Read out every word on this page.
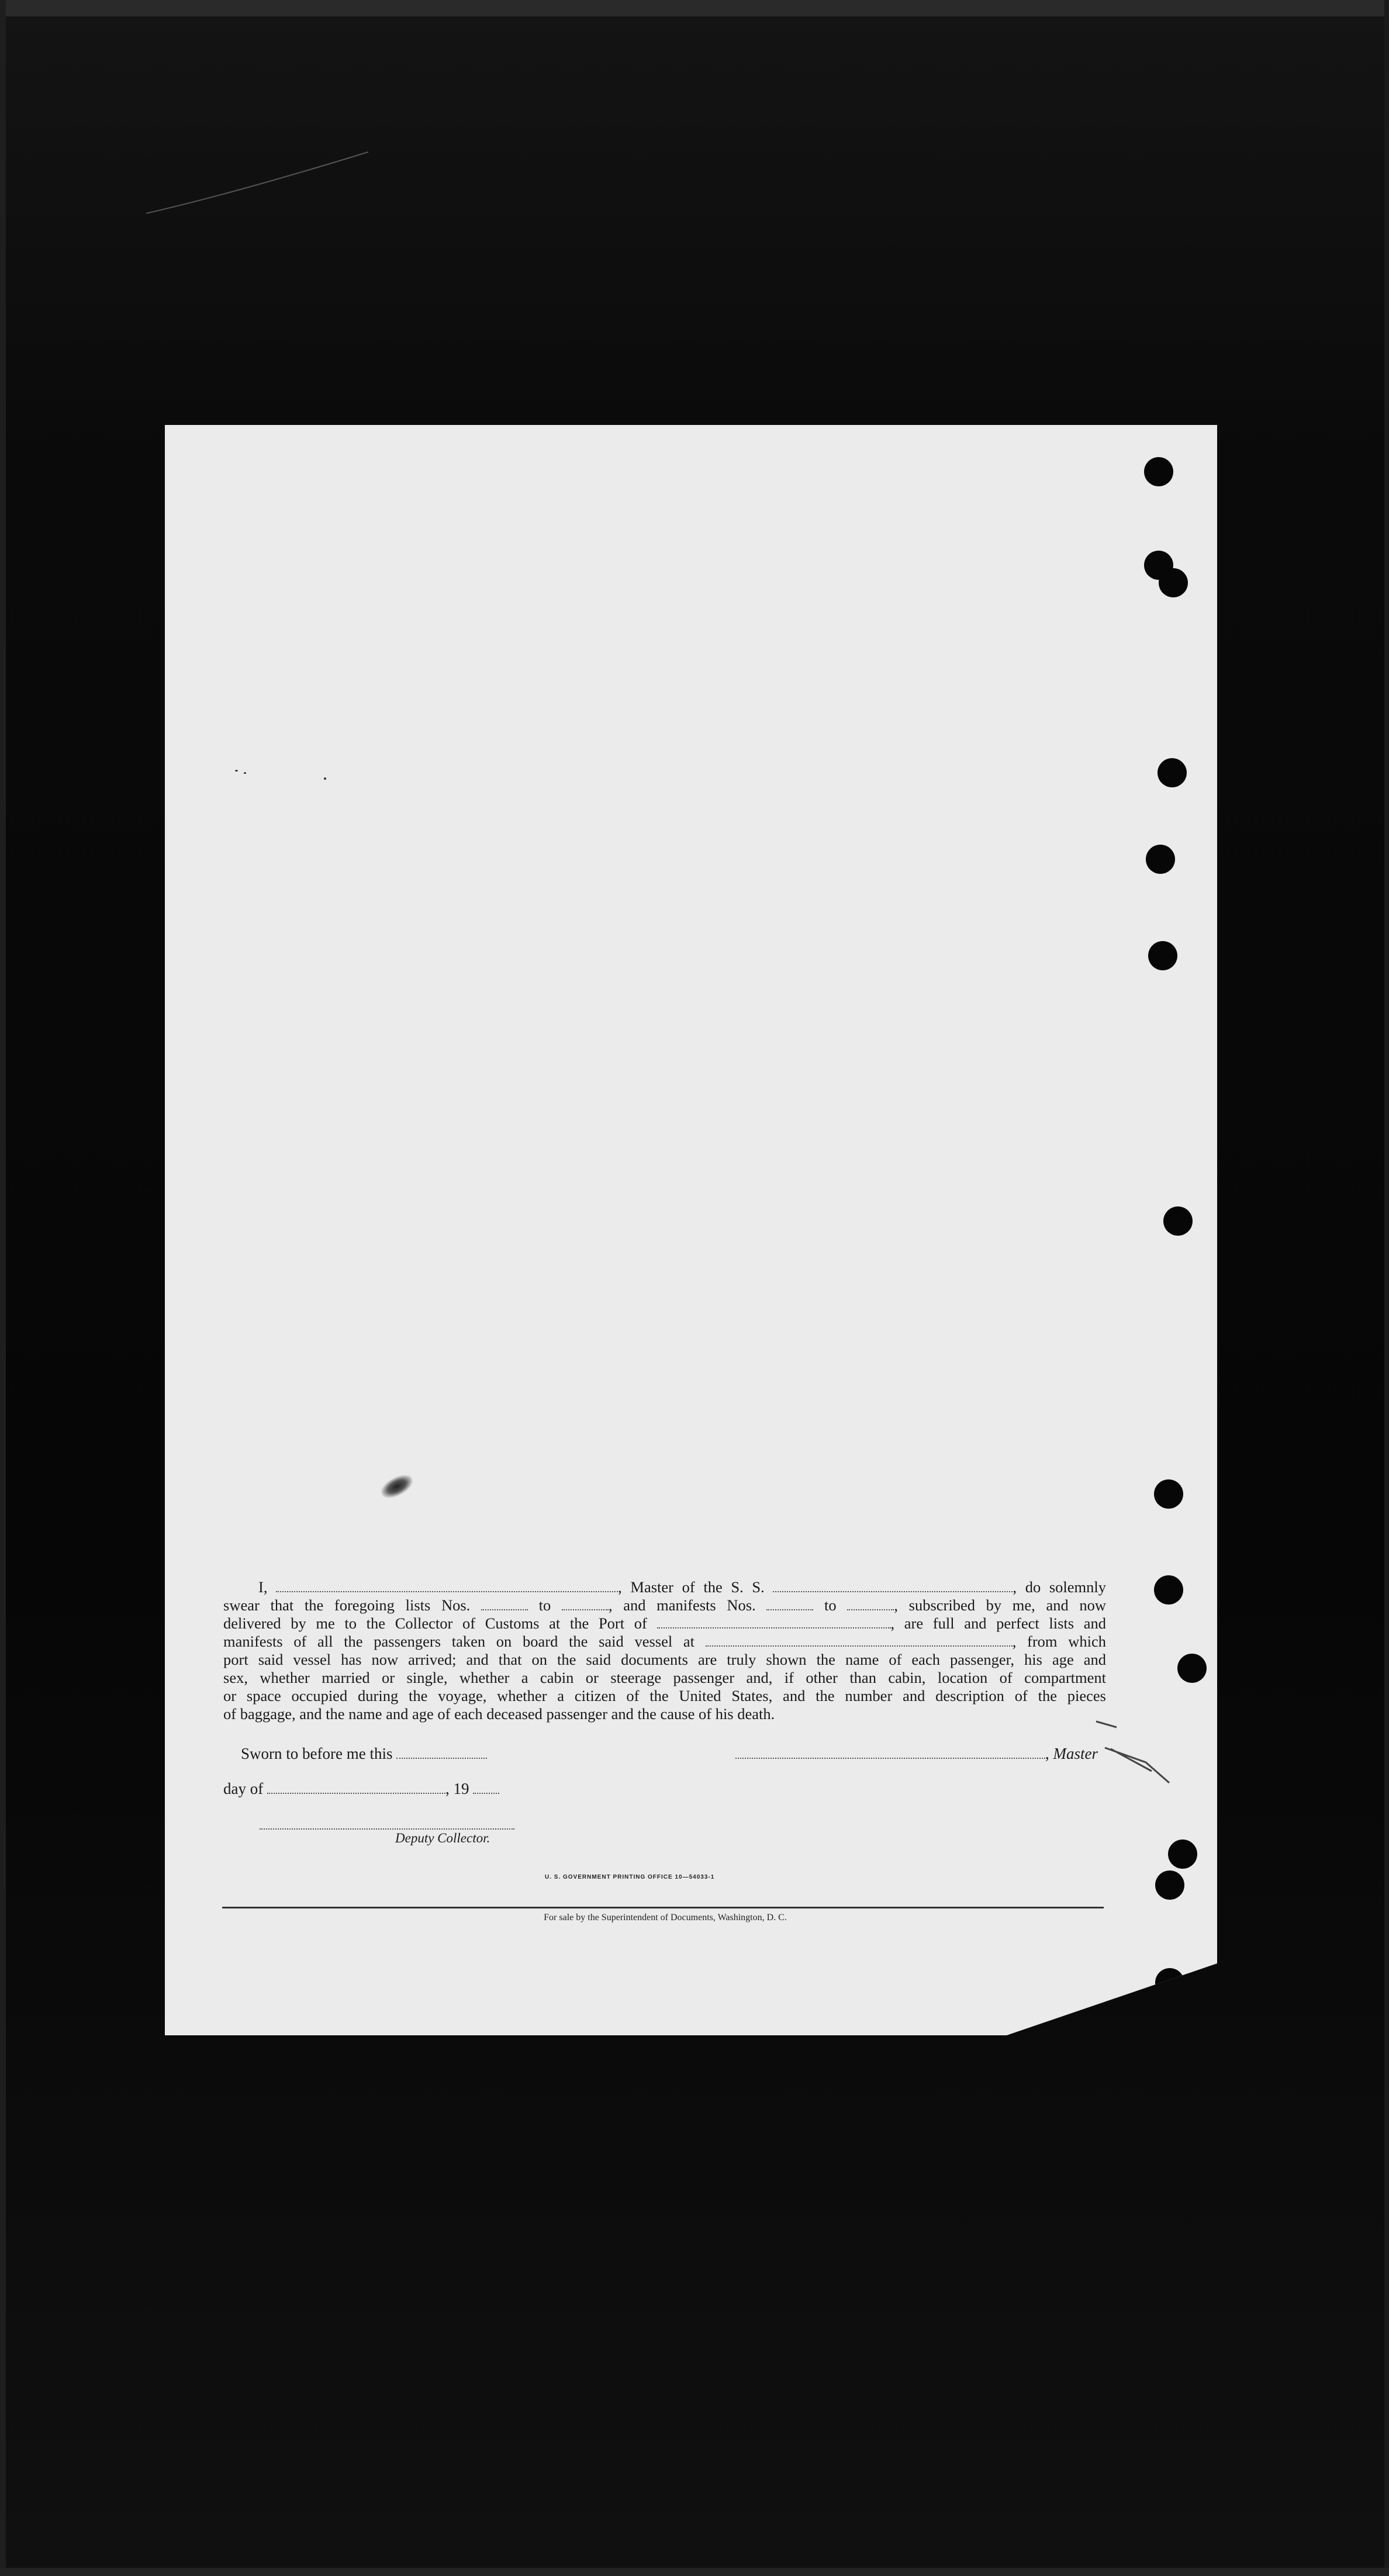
I,	, Master of the S. S.	, do solemnly
swear that the foregoing lists Nos.	to	, and manifests Nos.	to	, subscribed by me, and now
delivered by me to the Collector of Customs at the Port of	, are full and perfect lists and
manifests of all the passengers taken on board the said vessel at	, from which
port said vessel has now arrived; and that on the said documents are truly shown the name of each passenger, his age and
sex, whether married or single, whether a cabin or steerage passenger and, if other than cabin, location of compartment
or space occupied during the voyage, whether a citizen of the United States, and the number and description of the pieces
of baggage, and the name and age of each deceased passenger and the cause of his death.
Sworn to before me this	, Master
day of	, 19
Deputy Collector.
U. S. GOVERNMENT PRINTING OFFICE 10—54033-1
For sale by the Superintendent of Documents, Washington, D. C.
